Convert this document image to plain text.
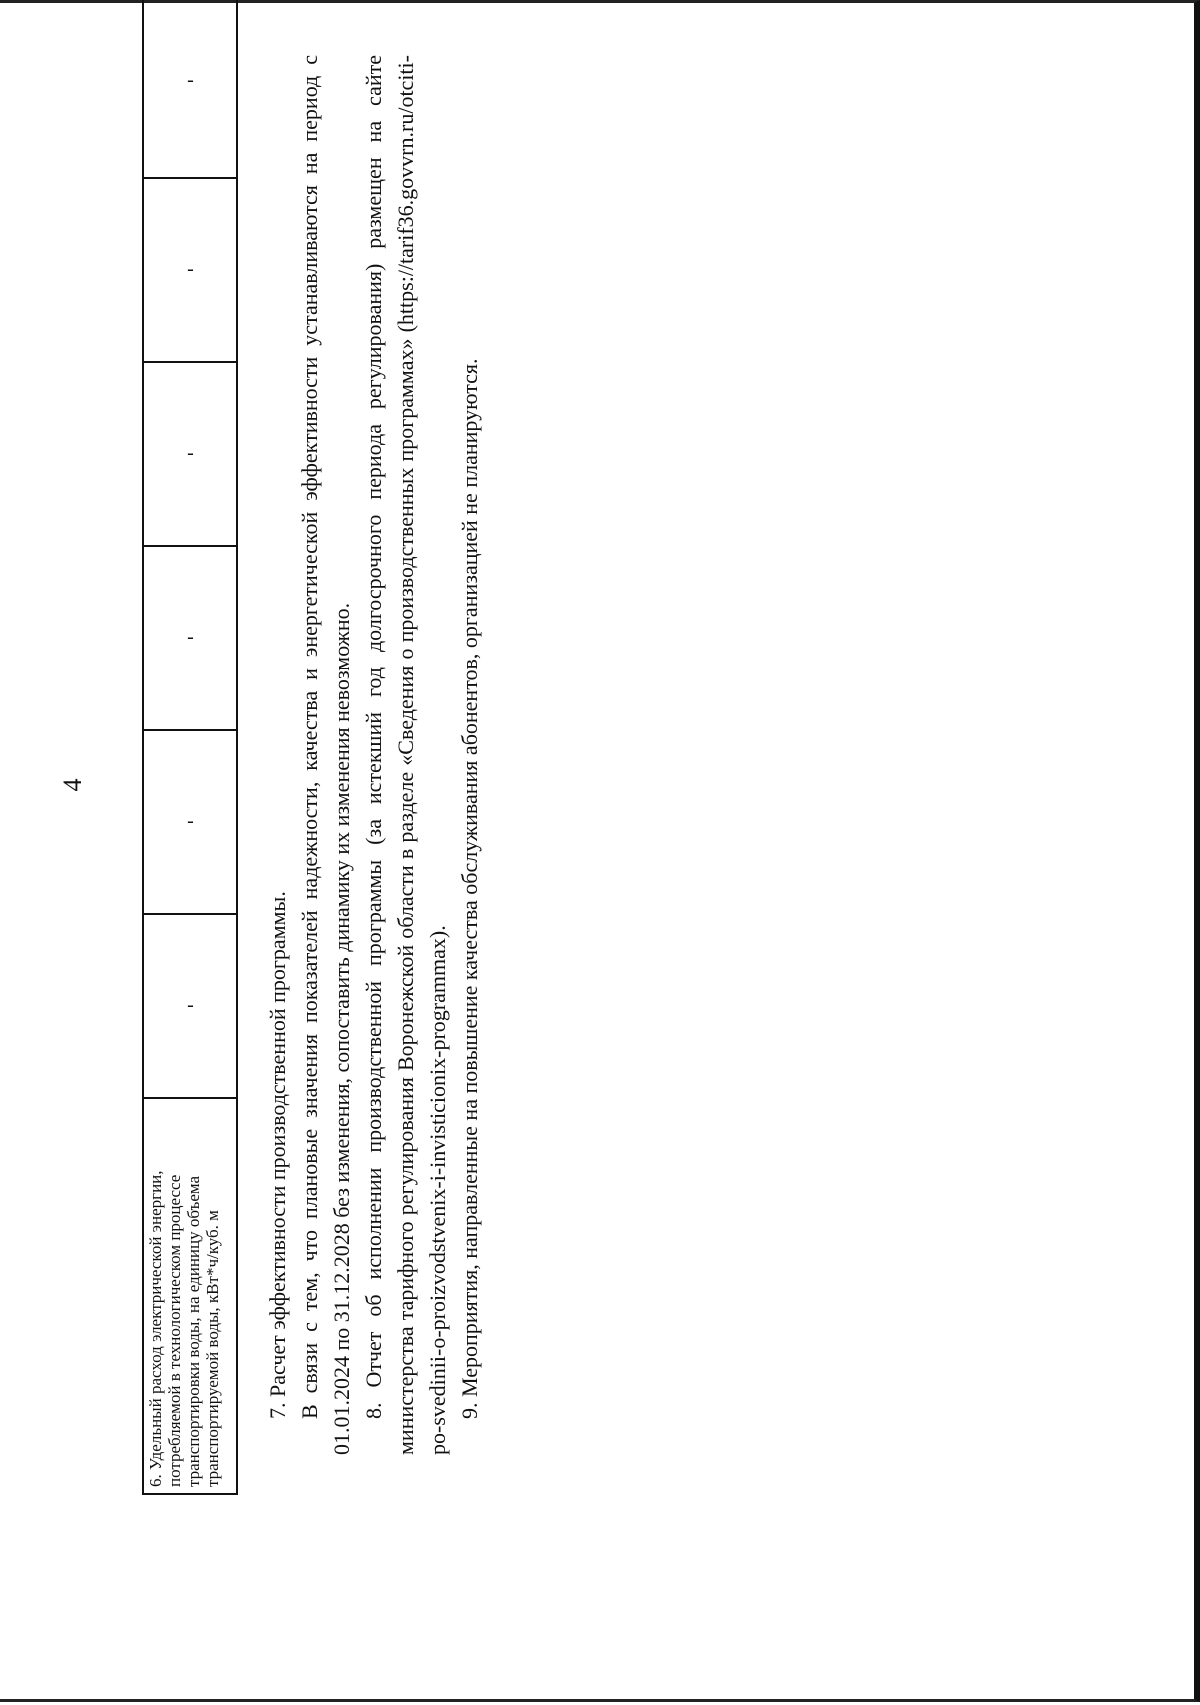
4
6. Удельный расход электрической энергии, потребляемой в технологическом процессе транспортировки воды, на единицу объема транспортируемой воды, кВт*ч/куб. м	-	-	-	-	-	-

7. Расчет эффективности производственной программы. В связи с тем, что плановые значения показателей надежности, качества и энергетической эффективности устанавливаются на период с 01.01.2024 по 31.12.2028 без изменения, сопоставить динамику их изменения невозможно. 8. Отчет об исполнении производственной программы (за истекший год долгосрочного периода регулирования) размещен на сайте министерства тарифного регулирования Воронежской области в разделе «Сведения о производственных программах» (https://tarif36.govvrn.ru/otciti-po-svedinii-o-proizvodstvenix-i-invisticionix-programmax). 9. Мероприятия, направленные на повышение качества обслуживания абонентов, организацией не планируются.
